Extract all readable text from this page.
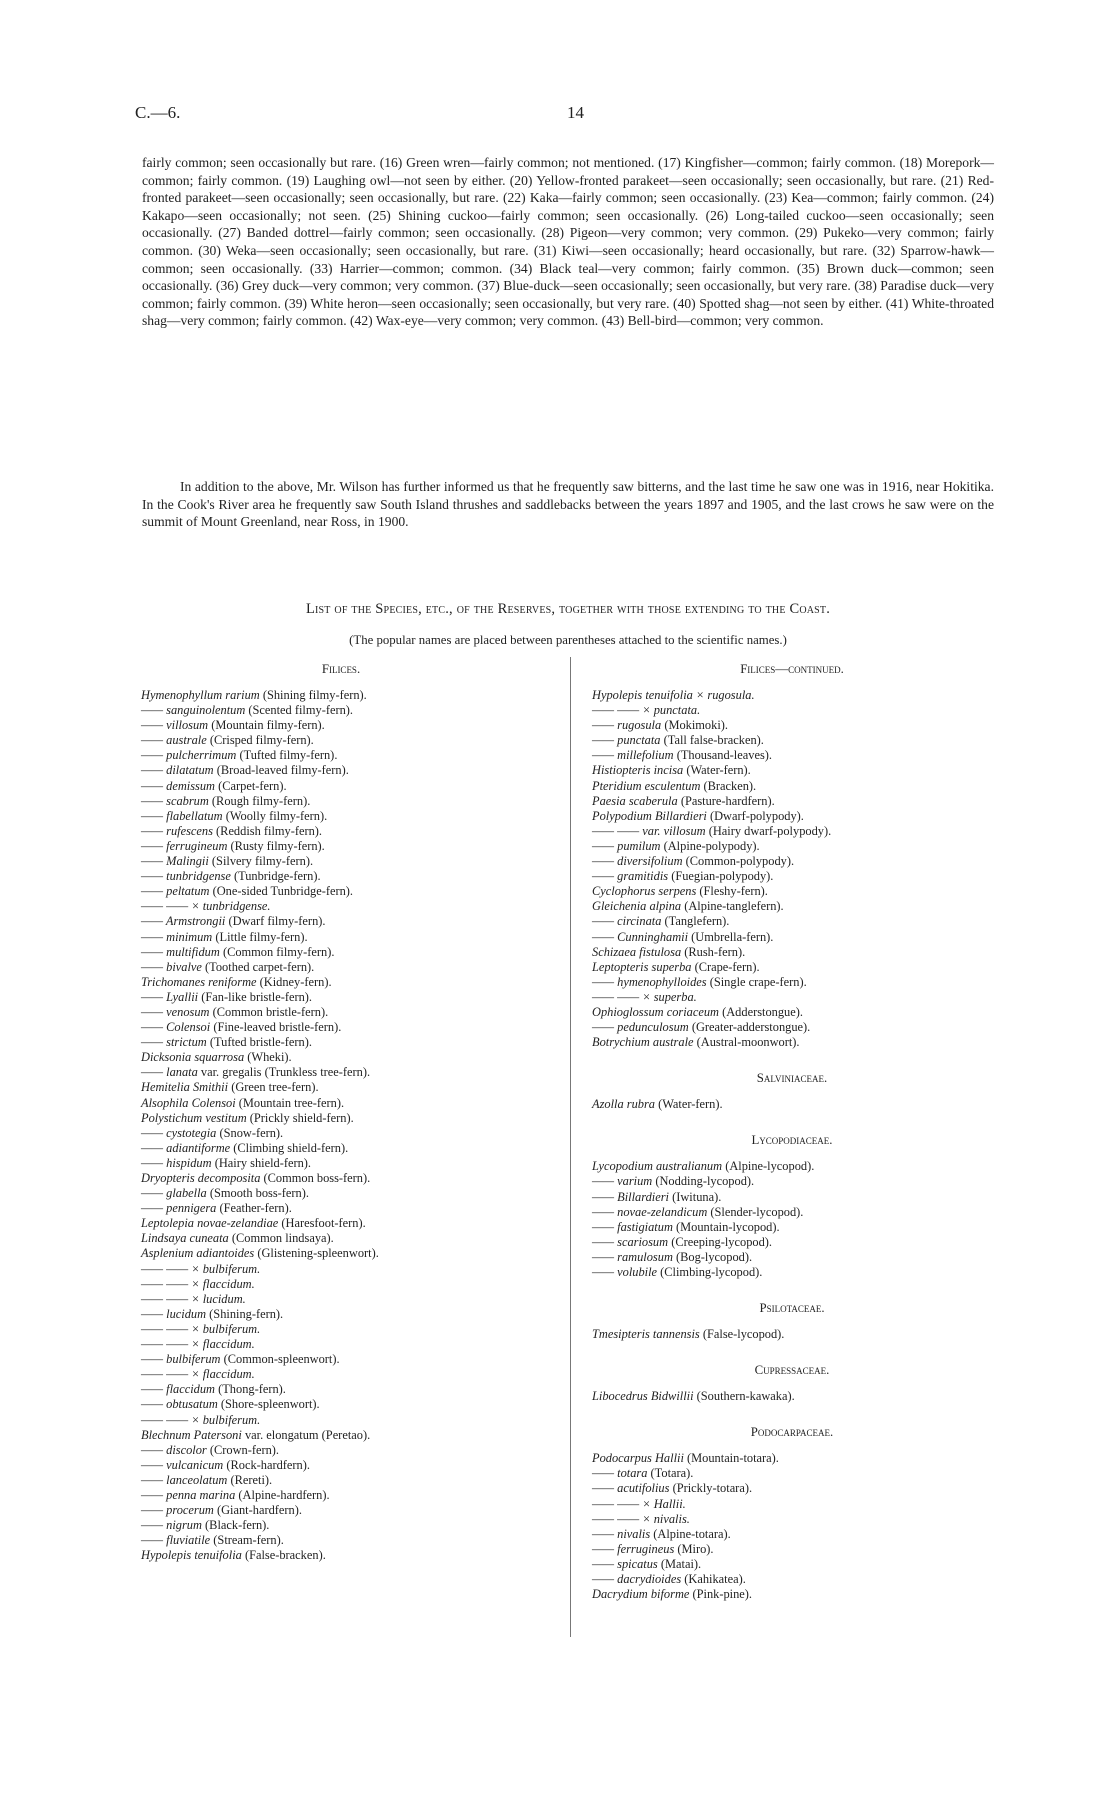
C.—6.	14

fairly common; seen occasionally but rare. (16) Green wren—fairly common; not mentioned. (17) Kingfisher—common; fairly common. (18) Morepork—common; fairly common. (19) Laughing owl—not seen by either. (20) Yellow-fronted parakeet—seen occasionally; seen occasionally, but rare. (21) Red-fronted parakeet—seen occasionally; seen occasionally, but rare. (22) Kaka—fairly common; seen occasionally. (23) Kea—common; fairly common. (24) Kakapo—seen occasionally; not seen. (25) Shining cuckoo—fairly common; seen occasionally. (26) Long-tailed cuckoo—seen occasionally; seen occasionally. (27) Banded dottrel—fairly common; seen occasionally. (28) Pigeon—very common; very common. (29) Pukeko—very common; fairly common. (30) Weka—seen occasionally; seen occasionally, but rare. (31) Kiwi—seen occasionally; heard occasionally, but rare. (32) Sparrow-hawk—common; seen occasionally. (33) Harrier—common; common. (34) Black teal—very common; fairly common. (35) Brown duck—common; seen occasionally. (36) Grey duck—very common; very common. (37) Blue-duck—seen occasionally; seen occasionally, but very rare. (38) Paradise duck—very common; fairly common. (39) White heron—seen occasionally; seen occasionally, but very rare. (40) Spotted shag—not seen by either. (41) White-throated shag—very common; fairly common. (42) Wax-eye—very common; very common. (43) Bell-bird—common; very common.

In addition to the above, Mr. Wilson has further informed us that he frequently saw bitterns, and the last time he saw one was in 1916, near Hokitika. In the Cook's River area he frequently saw South Island thrushes and saddlebacks between the years 1897 and 1905, and the last crows he saw were on the summit of Mount Greenland, near Ross, in 1900.

List of the Species, etc., of the Reserves, together with those extending to the Coast.

(The popular names are placed between parentheses attached to the scientific names.)

Filices.
Hymenophyllum rarium (Shining filmy-fern).
—— sanguinolentum (Scented filmy-fern).
—— villosum (Mountain filmy-fern).
—— australe (Crisped filmy-fern).
—— pulcherrimum (Tufted filmy-fern).
—— dilatatum (Broad-leaved filmy-fern).
—— demissum (Carpet-fern).
—— scabrum (Rough filmy-fern).
—— flabellatum (Woolly filmy-fern).
—— rufescens (Reddish filmy-fern).
—— ferrugineum (Rusty filmy-fern).
—— Malingii (Silvery filmy-fern).
—— tunbridgense (Tunbridge-fern).
—— peltatum (One-sided Tunbridge-fern).
—— —— × tunbridgense.
—— Armstrongii (Dwarf filmy-fern).
—— minimum (Little filmy-fern).
—— multifidum (Common filmy-fern).
—— bivalve (Toothed carpet-fern).
Trichomanes reniforme (Kidney-fern).
—— Lyallii (Fan-like bristle-fern).
—— venosum (Common bristle-fern).
—— Colensoi (Fine-leaved bristle-fern).
—— strictum (Tufted bristle-fern).
Dicksonia squarrosa (Wheki).
—— lanata var. gregalis (Trunkless tree-fern).
Hemitelia Smithii (Green tree-fern).
Alsophila Colensoi (Mountain tree-fern).
Polystichum vestitum (Prickly shield-fern).
—— cystotegia (Snow-fern).
—— adiantiforme (Climbing shield-fern).
—— hispidum (Hairy shield-fern).
Dryopteris decomposita (Common boss-fern).
—— glabella (Smooth boss-fern).
—— pennigera (Feather-fern).
Leptolepia novae-zelandiae (Haresfoot-fern).
Lindsaya cuneata (Common lindsaya).
Asplenium adiantoides (Glistening-spleenwort).
—— —— × bulbiferum.
—— —— × flaccidum.
—— —— × lucidum.
—— lucidum (Shining-fern).
—— —— × bulbiferum.
—— —— × flaccidum.
—— bulbiferum (Common-spleenwort).
—— —— × flaccidum.
—— flaccidum (Thong-fern).
—— obtusatum (Shore-spleenwort).
—— —— × bulbiferum.
Blechnum Patersoni var. elongatum (Peretao).
—— discolor (Crown-fern).
—— vulcanicum (Rock-hardfern).
—— lanceolatum (Rereti).
—— penna marina (Alpine-hardfern).
—— procerum (Giant-hardfern).
—— nigrum (Black-fern).
—— fluviatile (Stream-fern).
Hypolepis tenuifolia (False-bracken).
Filices—continued.
Hypolepis tenuifolia × rugosula.
—— —— × punctata.
—— rugosula (Mokimoki).
—— punctata (Tall false-bracken).
—— millefolium (Thousand-leaves).
Histiopteris incisa (Water-fern).
Pteridium esculentum (Bracken).
Paesia scaberula (Pasture-hardfern).
Polypodium Billardieri (Dwarf-polypody).
—— —— var. villosum (Hairy dwarf-polypody).
—— pumilum (Alpine-polypody).
—— diversifolium (Common-polypody).
—— gramitidis (Fuegian-polypody).
Cyclophorus serpens (Fleshy-fern).
Gleichenia alpina (Alpine-tanglefern).
—— circinata (Tanglefern).
—— Cunninghamii (Umbrella-fern).
Schizaea fistulosa (Rush-fern).
Leptopteris superba (Crape-fern).
—— hymenophylloides (Single crape-fern).
—— —— × superba.
Ophioglossum coriaceum (Adderstongue).
—— pedunculosum (Greater-adderstongue).
Botrychium australe (Austral-moonwort).
Salviniaceae.
Azolla rubra (Water-fern).
Lycopodiaceae.
Lycopodium australianum (Alpine-lycopod).
—— varium (Nodding-lycopod).
—— Billardieri (Iwituna).
—— novae-zelandicum (Slender-lycopod).
—— fastigiatum (Mountain-lycopod).
—— scariosum (Creeping-lycopod).
—— ramulosum (Bog-lycopod).
—— volubile (Climbing-lycopod).
Psilotaceae.
Tmesipteris tannensis (False-lycopod).
Cupressaceae.
Libocedrus Bidwillii (Southern-kawaka).
Podocarpaceae.
Podocarpus Hallii (Mountain-totara).
—— totara (Totara).
—— acutifolius (Prickly-totara).
—— —— × Hallii.
—— —— × nivalis.
—— nivalis (Alpine-totara).
—— ferrugineus (Miro).
—— spicatus (Matai).
—— dacrydioides (Kahikatea).
Dacrydium biforme (Pink-pine).
